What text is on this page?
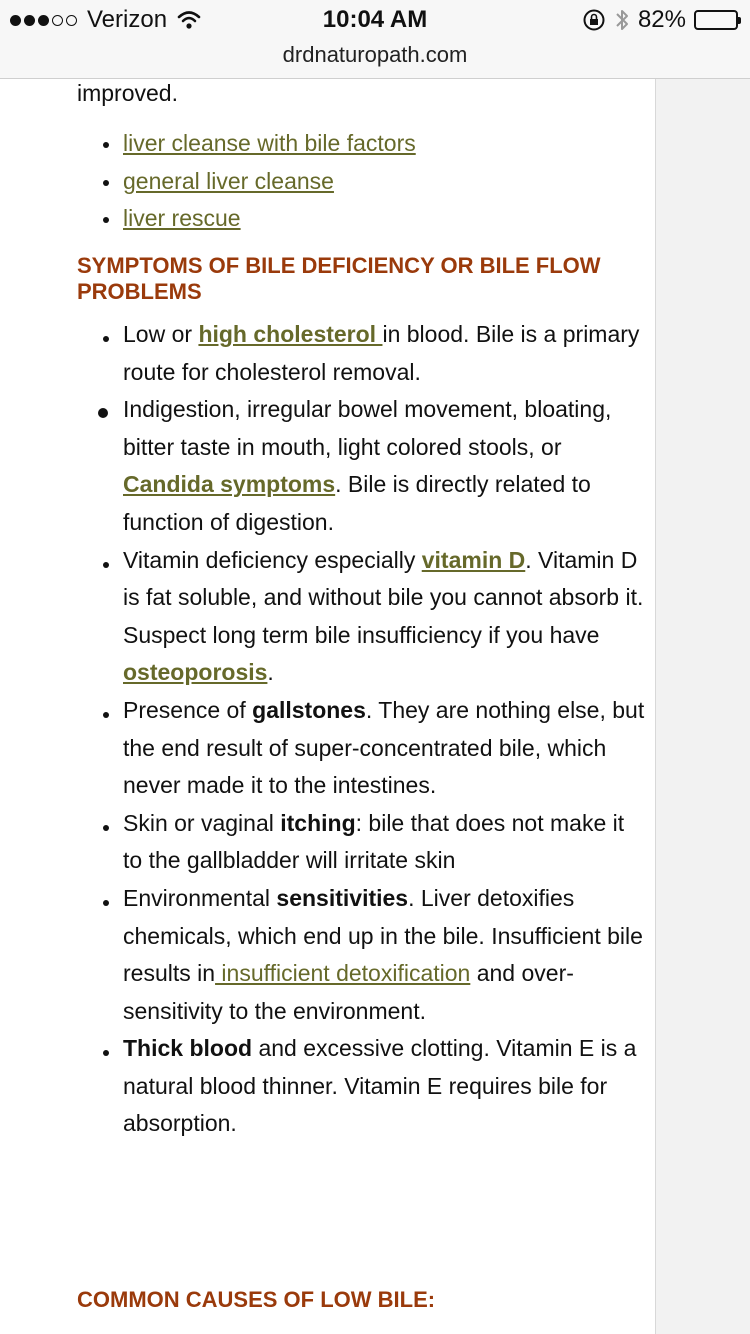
Verizon	10:04 AM	82%
drdnaturopath.com
improved.
liver cleanse with bile factors
general liver cleanse
liver rescue
SYMPTOMS OF BILE DEFICIENCY OR BILE FLOW PROBLEMS
Low or high cholesterol in blood. Bile is a primary route for cholesterol removal.
Indigestion, irregular bowel movement, bloating, bitter taste in mouth, light colored stools, or Candida symptoms. Bile is directly related to function of digestion.
Vitamin deficiency especially vitamin D. Vitamin D is fat soluble, and without bile you cannot absorb it. Suspect long term bile insufficiency if you have osteoporosis.
Presence of gallstones. They are nothing else, but the end result of super-concentrated bile, which never made it to the intestines.
Skin or vaginal itching: bile that does not make it to the gallbladder will irritate skin
Environmental sensitivities. Liver detoxifies chemicals, which end up in the bile. Insufficient bile results in insufficient detoxification and over-sensitivity to the environment.
Thick blood and excessive clotting. Vitamin E is a natural blood thinner. Vitamin E requires bile for absorption.
COMMON CAUSES OF LOW BILE:
